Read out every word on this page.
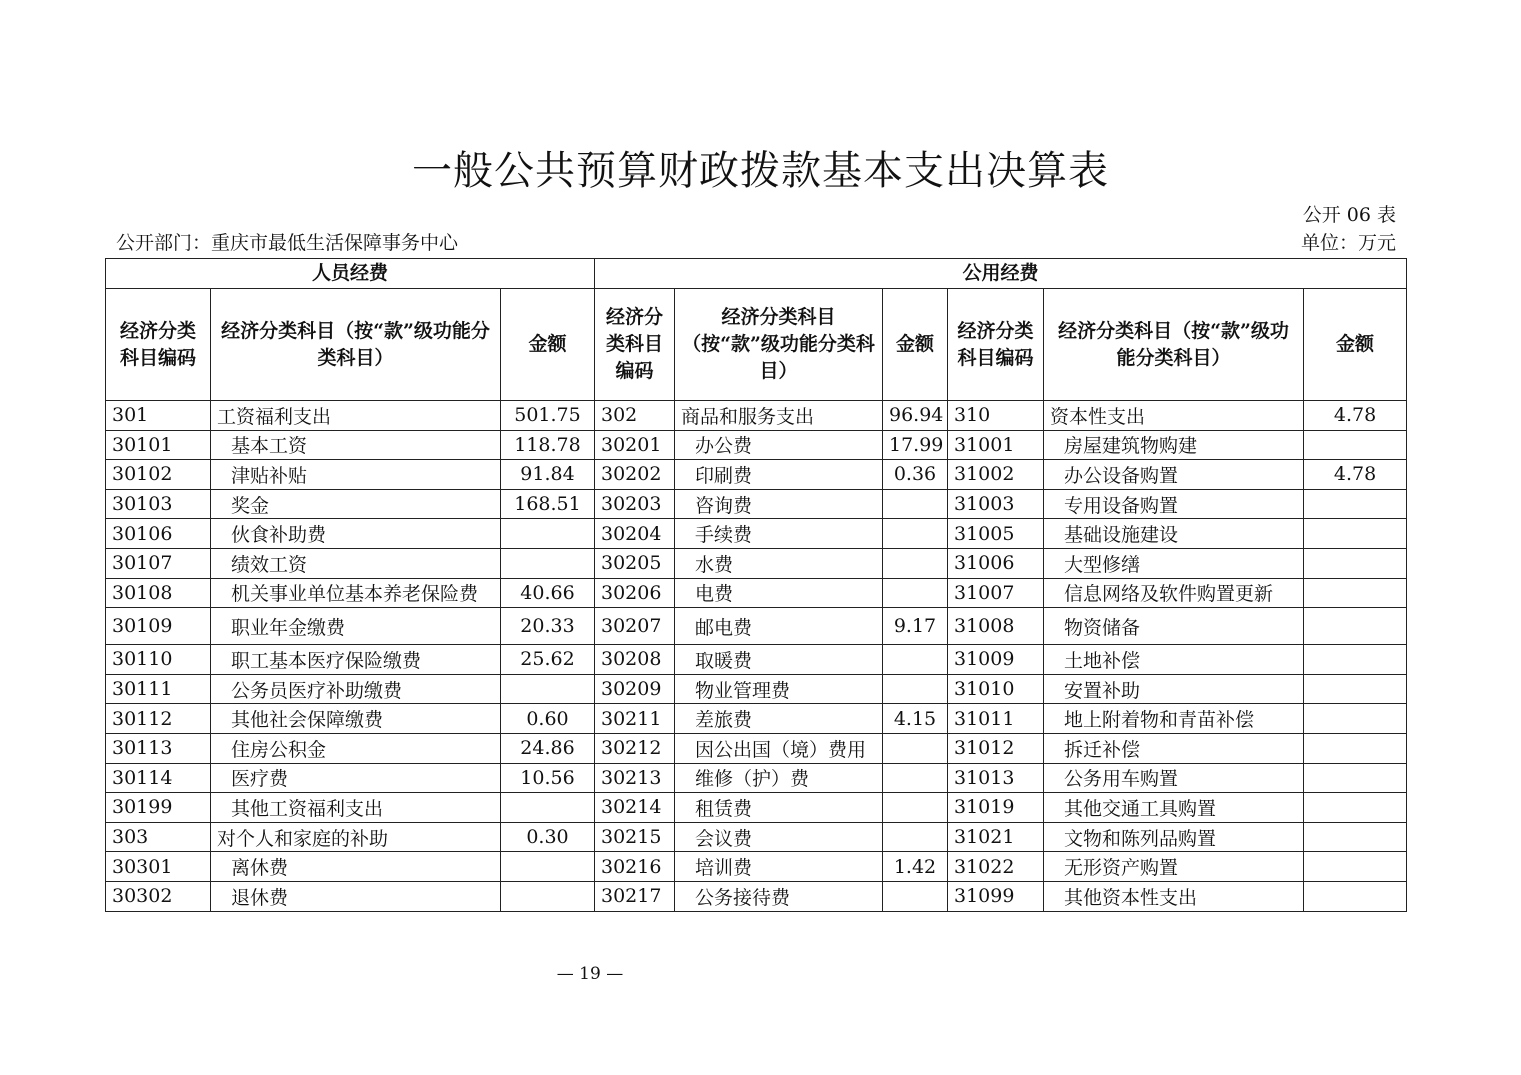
一般公共预算财政拨款基本支出决算表
公开 06 表
公开部门：重庆市最低生活保障事务中心	单位：万元
人员经费			公用经费					
经济分类科目编码	经济分类科目（按“款”级功能分类科目）	金额	经济分类科目编码	经济分类科目（按“款”级功能分类科目）	金额	经济分类科目编码	经济分类科目（按“款”级功能分类科目）	金额
301	工资福利支出	501.75	302	商品和服务支出	96.94	310	资本性支出	4.78
30101	基本工资	118.78	30201	办公费	17.99	31001	房屋建筑物购建	
30102	津贴补贴	91.84	30202	印刷费	0.36	31002	办公设备购置	4.78
30103	奖金	168.51	30203	咨询费		31003	专用设备购置	
30106	伙食补助费		30204	手续费		31005	基础设施建设	
30107	绩效工资		30205	水费		31006	大型修缮	
30108	机关事业单位基本养老保险费	40.66	30206	电费		31007	信息网络及软件购置更新	
30109	职业年金缴费	20.33	30207	邮电费	9.17	31008	物资储备	
30110	职工基本医疗保险缴费	25.62	30208	取暖费		31009	土地补偿	
30111	公务员医疗补助缴费		30209	物业管理费		31010	安置补助	
30112	其他社会保障缴费	0.60	30211	差旅费	4.15	31011	地上附着物和青苗补偿	
30113	住房公积金	24.86	30212	因公出国（境）费用		31012	拆迁补偿	
30114	医疗费	10.56	30213	维修（护）费		31013	公务用车购置	
30199	其他工资福利支出		30214	租赁费		31019	其他交通工具购置	
303	对个人和家庭的补助	0.30	30215	会议费		31021	文物和陈列品购置	
30301	离休费		30216	培训费	1.42	31022	无形资产购置	
30302	退休费		30217	公务接待费		31099	其他资本性支出	
— 19 —
